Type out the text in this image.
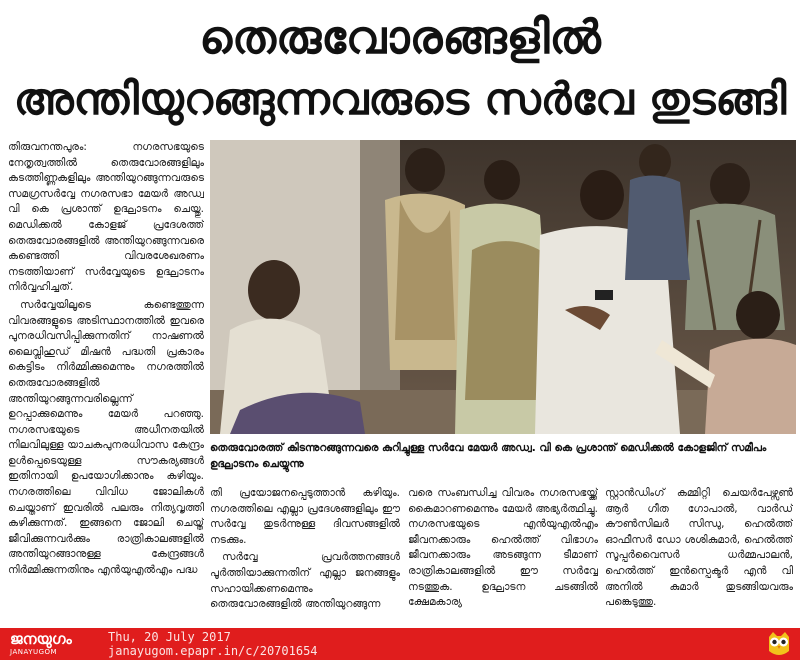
തെരുവോരങ്ങളിൽ
അന്തിയുറങ്ങുന്നവരുടെ സർവേ തുടങ്ങി

തിരുവനന്തപുരം: നഗരസഭയുടെ നേതൃത്വത്തിൽ തെരുവോരങ്ങളിലും കടത്തിണ്ണകളിലും അന്തിയുറങ്ങുന്നവരുടെ സമഗ്രസർവ്വേ നഗരസഭാ മേയർ അഡ്വ വി കെ പ്രശാന്ത് ഉദ്ഘാടനം ചെയ്തു. മെഡിക്കൽ കോളജ് പ്രദേശത്ത് തെരുവോരങ്ങളിൽ അന്തിയുറങ്ങുന്നവരെ കണ്ടെത്തി വിവരശേഖരണം നടത്തിയാണ് സർവ്വേയുടെ ഉദ്ഘാടനം നിർവ്വഹിച്ചത്.

സർവ്വേയിലൂടെ കണ്ടെത്തുന്ന വിവരങ്ങളുടെ അടിസ്ഥാനത്തിൽ ഇവരെ പുനരധിവസിപ്പിക്കുന്നതിന് നാഷണൽ ലൈവ്ലിഹുഡ് മിഷൻ പദ്ധതി പ്രകാരം കെട്ടിടം നിർമ്മിക്കുമെന്നും നഗരത്തിൽ തെരുവോരങ്ങളിൽ അന്തിയുറങ്ങുന്നവരില്ലെന്ന് ഉറപ്പാക്കുമെന്നും മേയർ പറഞ്ഞു. നഗരസഭയുടെ അധീനതയിൽ നിലവിലുള്ള യാചകപുനരധിവാസ കേന്ദ്രം ഉൾപ്പെടെയുള്ള സൗകര്യങ്ങൾ ഇതിനായി ഉപയോഗിക്കാനും കഴിയും. നഗരത്തിലെ വിവിധ ജോലികൾ ചെയ്താണ് ഇവരിൽ പലരും നിത്യവൃത്തി കഴിക്കുന്നത്. ഇങ്ങനെ ജോലി ചെയ്ത് ജീവിക്കുന്നവർക്കും രാത്രികാലങ്ങളിൽ അന്തിയുറങ്ങാനുള്ള കേന്ദ്രങ്ങൾ നിർമ്മിക്കുന്നതിനും എൻയുഎൽഎം പദ്ധ

തെരുവോരത്ത് കിടന്നുറങ്ങുന്നവരെ കുറിച്ചുള്ള സർവേ മേയർ അഡ്വ. വി കെ പ്രശാന്ത് മെഡിക്കൽ കോളജിന് സമീപം ഉദ്ഘാടനം ചെയ്യുന്നു

തി പ്രയോജനപ്പെടുത്താൻ കഴിയും. നഗരത്തിലെ എല്ലാ പ്രദേശങ്ങളിലും ഈ സർവ്വേ തുടർന്നുള്ള ദിവസങ്ങളിൽ നടക്കും.

സർവ്വേ പ്രവർത്തനങ്ങൾ പൂർത്തിയാക്കുന്നതിന് എല്ലാ ജനങ്ങളും സഹായിക്കണമെന്നും തെരുവോരങ്ങളിൽ അന്തിയുറങ്ങുന്ന

വരെ സംബന്ധിച്ച വിവരം നഗരസഭയ്ക്ക് കൈമാറണമെന്നും മേയർ അഭ്യർത്ഥിച്ചു. നഗരസഭയുടെ എൻയുഎൽഎം ജീവനക്കാരും ഹെൽത്ത് വിഭാഗം ജീവനക്കാരും അടങ്ങുന്ന ടീമാണ് രാത്രികാലങ്ങളിൽ ഈ സർവ്വേ നടത്തുക. ഉദ്ഘാടന ചടങ്ങിൽ ക്ഷേമകാര്യ

സ്റ്റാൻഡിംഗ് കമ്മിറ്റി ചെയർപേഴ്സൺ ആർ ഗീത ഗോപാൽ, വാർഡ് കൗൺസിലർ സിന്ധു, ഹെൽത്ത് ഓഫീസർ ഡോ ശശികുമാർ, ഹെൽത്ത് സൂപ്പർവൈസർ ധർമ്മപാലൻ, ഹെൽത്ത് ഇൻസ്പെക്ടർ എൻ വി അനിൽ കുമാർ തുടങ്ങിയവരും പങ്കെടുത്തു.

ജനയുഗം
JANAYUGOM
Thu, 20 July 2017
janayugom.epapr.in/c/20701654
